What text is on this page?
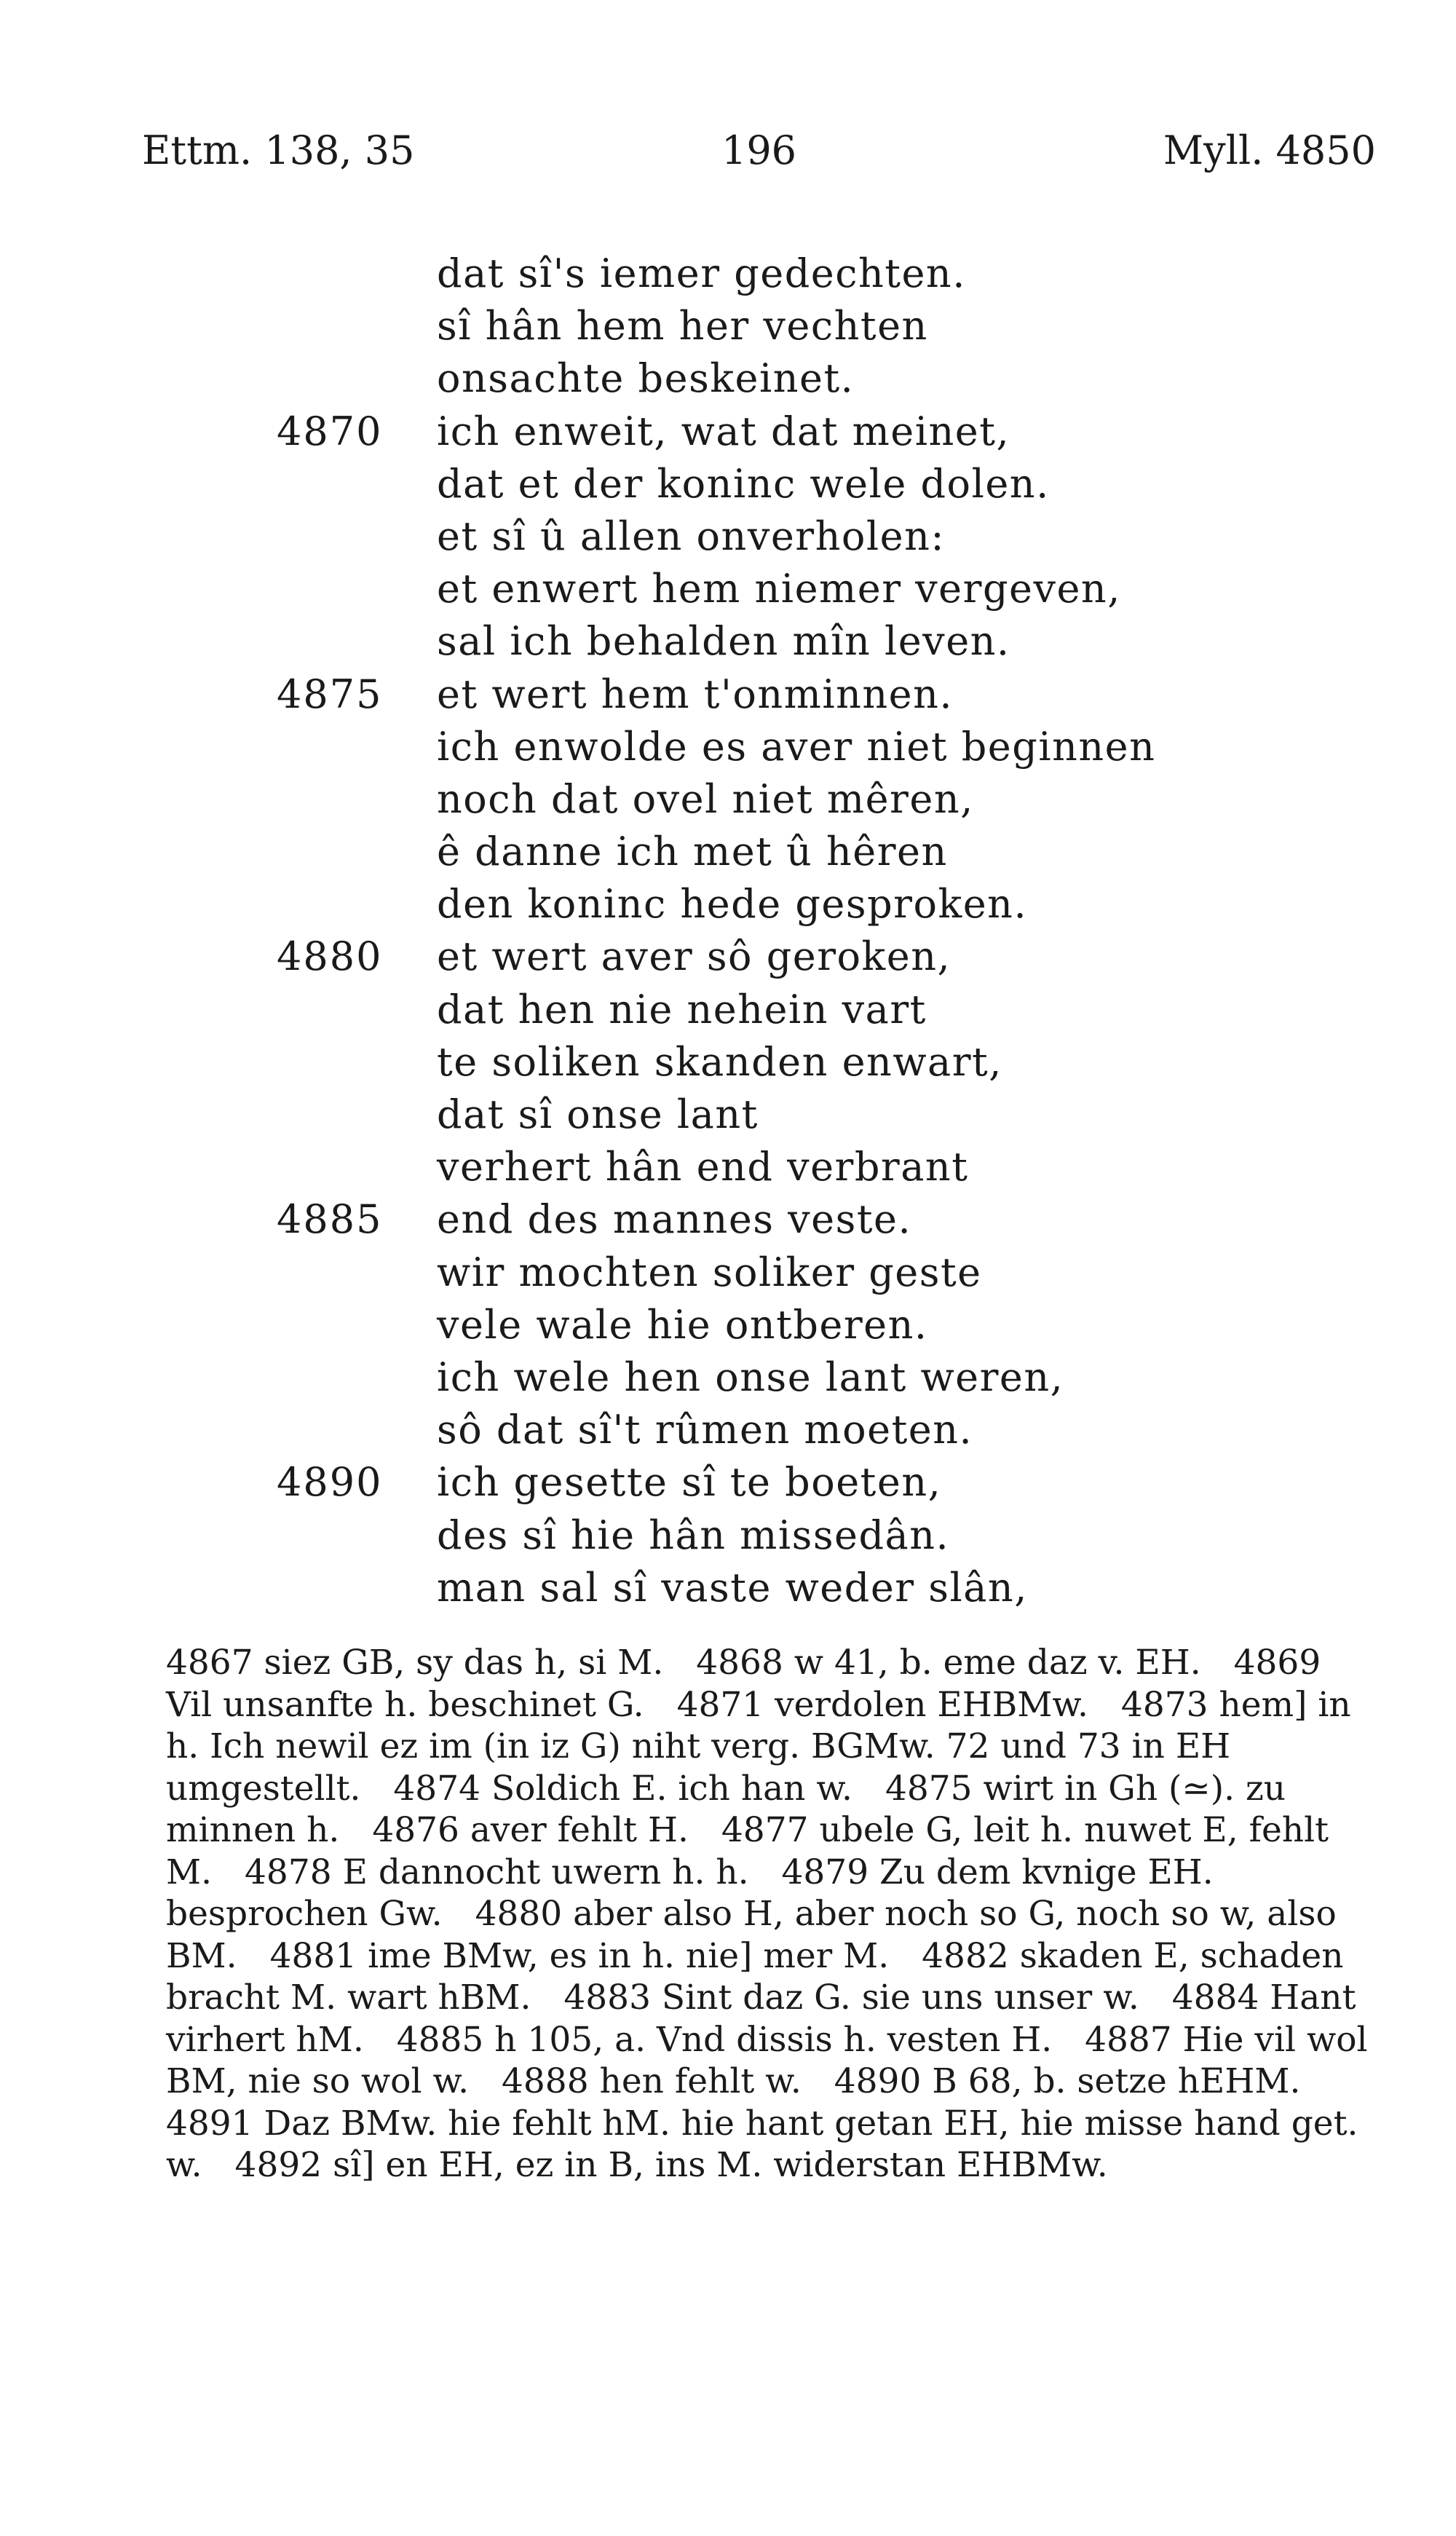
Ettm. 138, 35	196	Myll. 4850
dat sî's iemer gedechten.
sî hân hem her vechten
onsachte beskeinet.
4870 ich enweit, wat dat meinet,
dat et der koninc wele dolen.
et sî û allen onverholen:
et enwert hem niemer vergeven,
sal ich behalden mîn leven.
4875 et wert hem t'onminnen.
ich enwolde es aver niet beginnen
noch dat ovel niet mêren,
ê danne ich met û hêren
den koninc hede gesproken.
4880 et wert aver sô geroken,
dat hen nie nehein vart
te soliken skanden enwart,
dat sî onse lant
verhert hân end verbrant
4885 end des mannes veste.
wir mochten soliker geste
vele wale hie ontberen.
ich wele hen onse lant weren,
sô dat sî't rûmen moeten.
4890 ich gesette sî te boeten,
des sî hie hân missedân.
man sal sî vaste weder slân,
4867 siez GB, sy das h, si M. 4868 w 41, b. eme daz v. EH. 4869 Vil unsanfte h. beschinet G. 4871 verdolen EHBMw. 4873 hem] in h. Ich newil ez im (in iz G) niht verg. BGMw. 72 und 73 in EH umgestellt. 4874 Soldich E. ich han w. 4875 wirt in Gh (≃). zu minnen h. 4876 aver fehlt H. 4877 ubele G, leit h. nuwet E, fehlt M. 4878 E dannocht uwern h. h. 4879 Zu dem kvnige EH. besprochen Gw. 4880 aber also H, aber noch so G, noch so w, also BM. 4881 ime BMw, es in h. nie] mer M. 4882 skaden E, schaden bracht M. wart hBM. 4883 Sint daz G. sie uns unser w. 4884 Hant virhert hM. 4885 h 105, a. Vnd dissis h. vesten H. 4887 Hie vil wol BM, nie so wol w. 4888 hen fehlt w. 4890 B 68, b. setze hEHM. 4891 Daz BMw. hie fehlt hM. hie hant getan EH, hie misse hand get. w. 4892 sî] en EH, ez in B, ins M. widerstan EHBMw.
